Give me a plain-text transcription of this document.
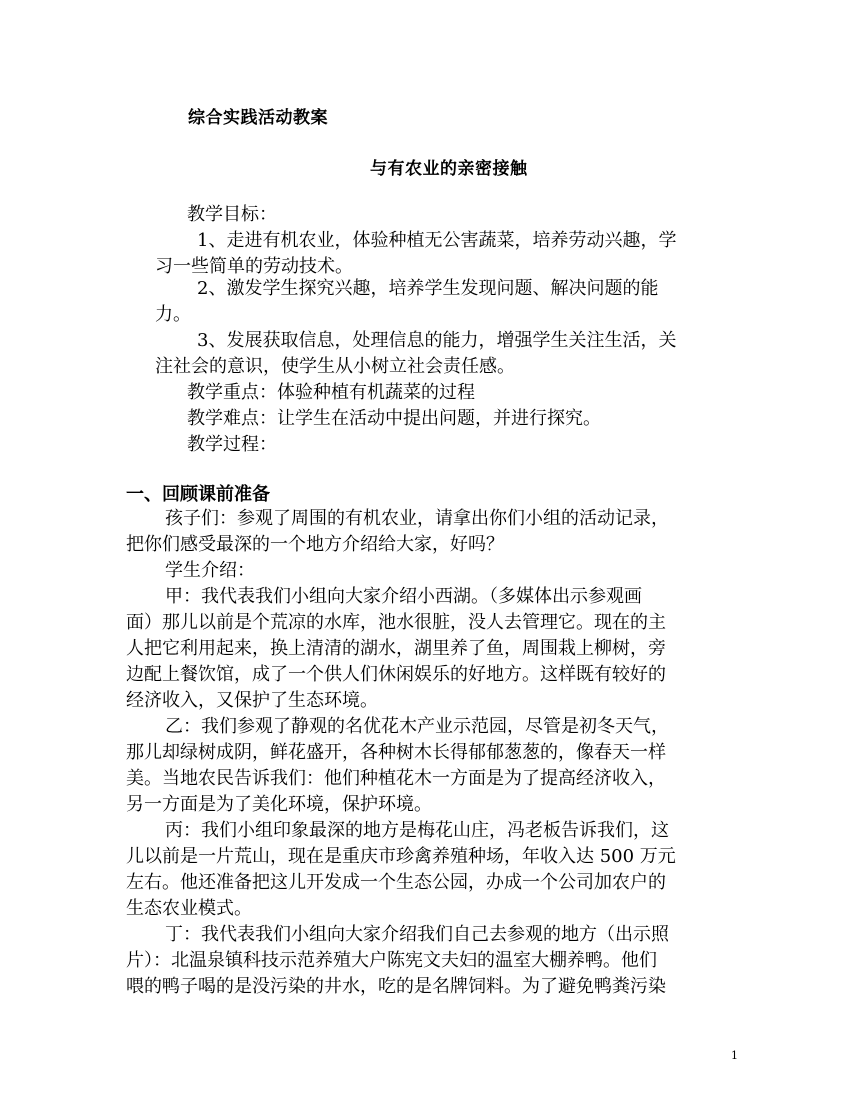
综合实践活动教案
与有农业的亲密接触
教学目标：
1、走进有机农业，体验种植无公害蔬菜，培养劳动兴趣，学
习一些简单的劳动技术。
2、激发学生探究兴趣，培养学生发现问题、解决问题的能
力。
3、发展获取信息，处理信息的能力，增强学生关注生活，关
注社会的意识，使学生从小树立社会责任感。
教学重点：体验种植有机蔬菜的过程
教学难点：让学生在活动中提出问题，并进行探究。
教学过程：
一、回顾课前准备
孩子们：参观了周围的有机农业，请拿出你们小组的活动记录，
把你们感受最深的一个地方介绍给大家，好吗？
学生介绍：
甲：我代表我们小组向大家介绍小西湖。（多媒体出示参观画
面）那儿以前是个荒凉的水库，池水很脏，没人去管理它。现在的主
人把它利用起来，换上清清的湖水，湖里养了鱼，周围栽上柳树，旁
边配上餐饮馆，成了一个供人们休闲娱乐的好地方。这样既有较好的
经济收入，又保护了生态环境。
乙：我们参观了静观的名优花木产业示范园，尽管是初冬天气，
那儿却绿树成阴，鲜花盛开，各种树木长得郁郁葱葱的，像春天一样
美。当地农民告诉我们：他们种植花木一方面是为了提高经济收入，
另一方面是为了美化环境，保护环境。
丙：我们小组印象最深的地方是梅花山庄，冯老板告诉我们，这
儿以前是一片荒山，现在是重庆市珍禽养殖种场，年收入达 500 万元
左右。他还准备把这儿开发成一个生态公园，办成一个公司加农户的
生态农业模式。
丁：我代表我们小组向大家介绍我们自己去参观的地方（出示照
片）：北温泉镇科技示范养殖大户陈宪文夫妇的温室大棚养鸭。他们
喂的鸭子喝的是没污染的井水，吃的是名牌饲料。为了避免鸭粪污染
1
